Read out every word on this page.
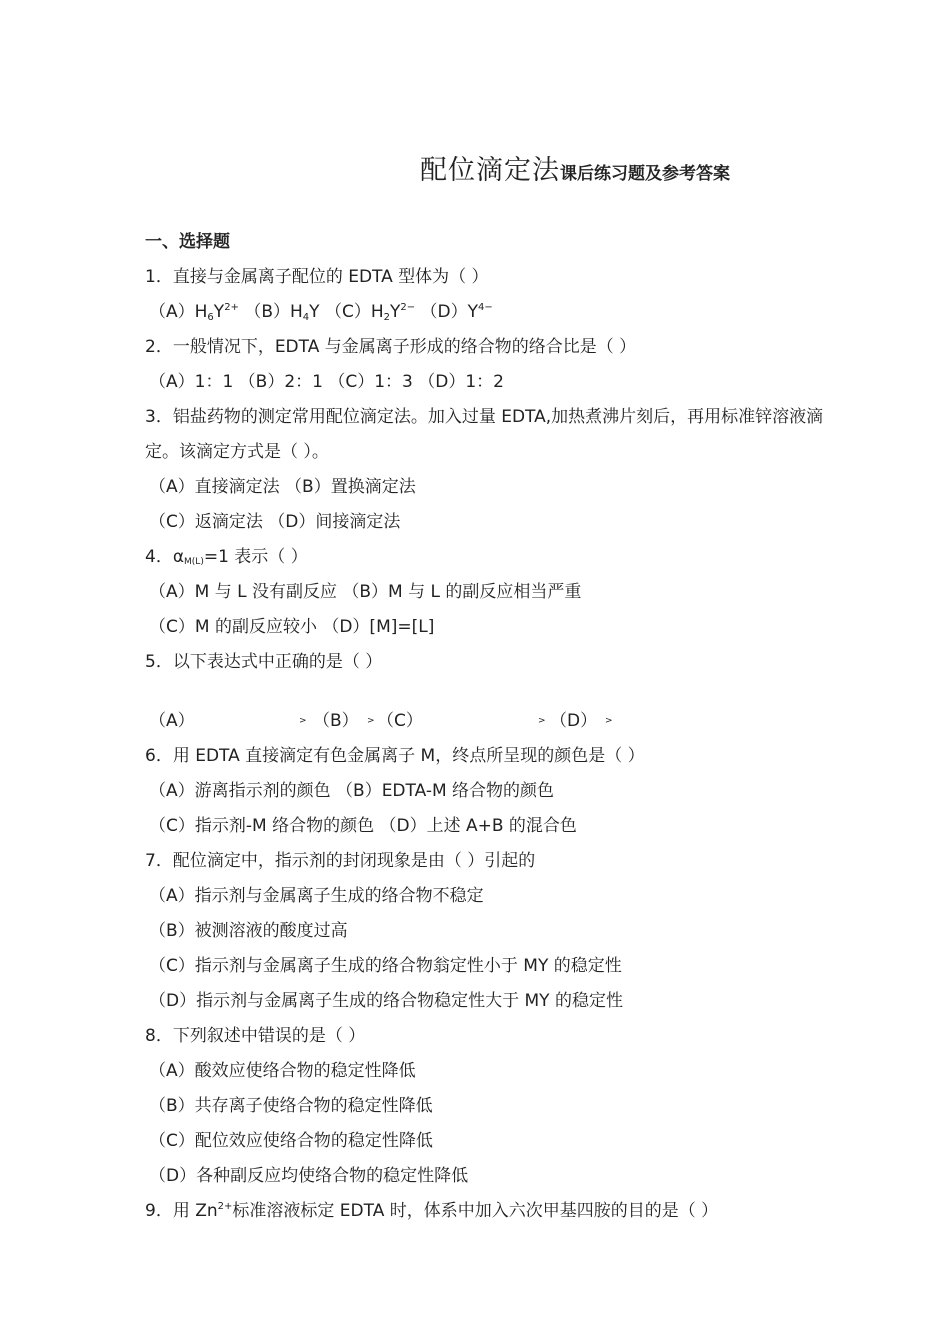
配位滴定法课后练习题及参考答案
一、选择题
1．直接与金属离子配位的 EDTA 型体为（ ）
$(A)H_6Y^{2+}$ $(B)H_4Y$ $(C)H_2Y^{2-}$ $(D)Y^{4-}$
2．一般情况下，EDTA 与金属离子形成的络合物的络合比是（ ）
（A）1：1 （B）2：1 （C）1：3 （D）1：2
3．铝盐药物的测定常用配位滴定法。加入过量 EDTA,加热煮沸片刻后，再用标准锌溶液滴定。该滴定方式是（ ）。
（A）直接滴定法 （B）置换滴定法
（C）返滴定法 （D）间接滴定法
4．αM(L)=1 表示（ ）
（A）M 与 L 没有副反应 （B）M 与 L 的副反应相当严重
（C）M 的副反应较小 （D）[M]=[L]
5．以下表达式中正确的是（ ）
（A）	> （B） > （C）	> （D） >
6．用 EDTA 直接滴定有色金属离子 M，终点所呈现的颜色是（ ）
（A）游离指示剂的颜色 （B）EDTA-M 络合物的颜色
（C）指示剂-M 络合物的颜色 （D）上述 A+B 的混合色
7．配位滴定中，指示剂的封闭现象是由（ ）引起的
（A）指示剂与金属离子生成的络合物不稳定
（B）被测溶液的酸度过高
（C）指示剂与金属离子生成的络合物翁定性小于 MY 的稳定性
（D）指示剂与金属离子生成的络合物稳定性大于 MY 的稳定性
8．下列叙述中错误的是（ ）
（A）酸效应使络合物的稳定性降低
（B）共存离子使络合物的稳定性降低
（C）配位效应使络合物的稳定性降低
（D）各种副反应均使络合物的稳定性降低
9．用 $Zn^{2+}$标准溶液标定 EDTA 时，体系中加入六次甲基四胺的目的是（ ）
